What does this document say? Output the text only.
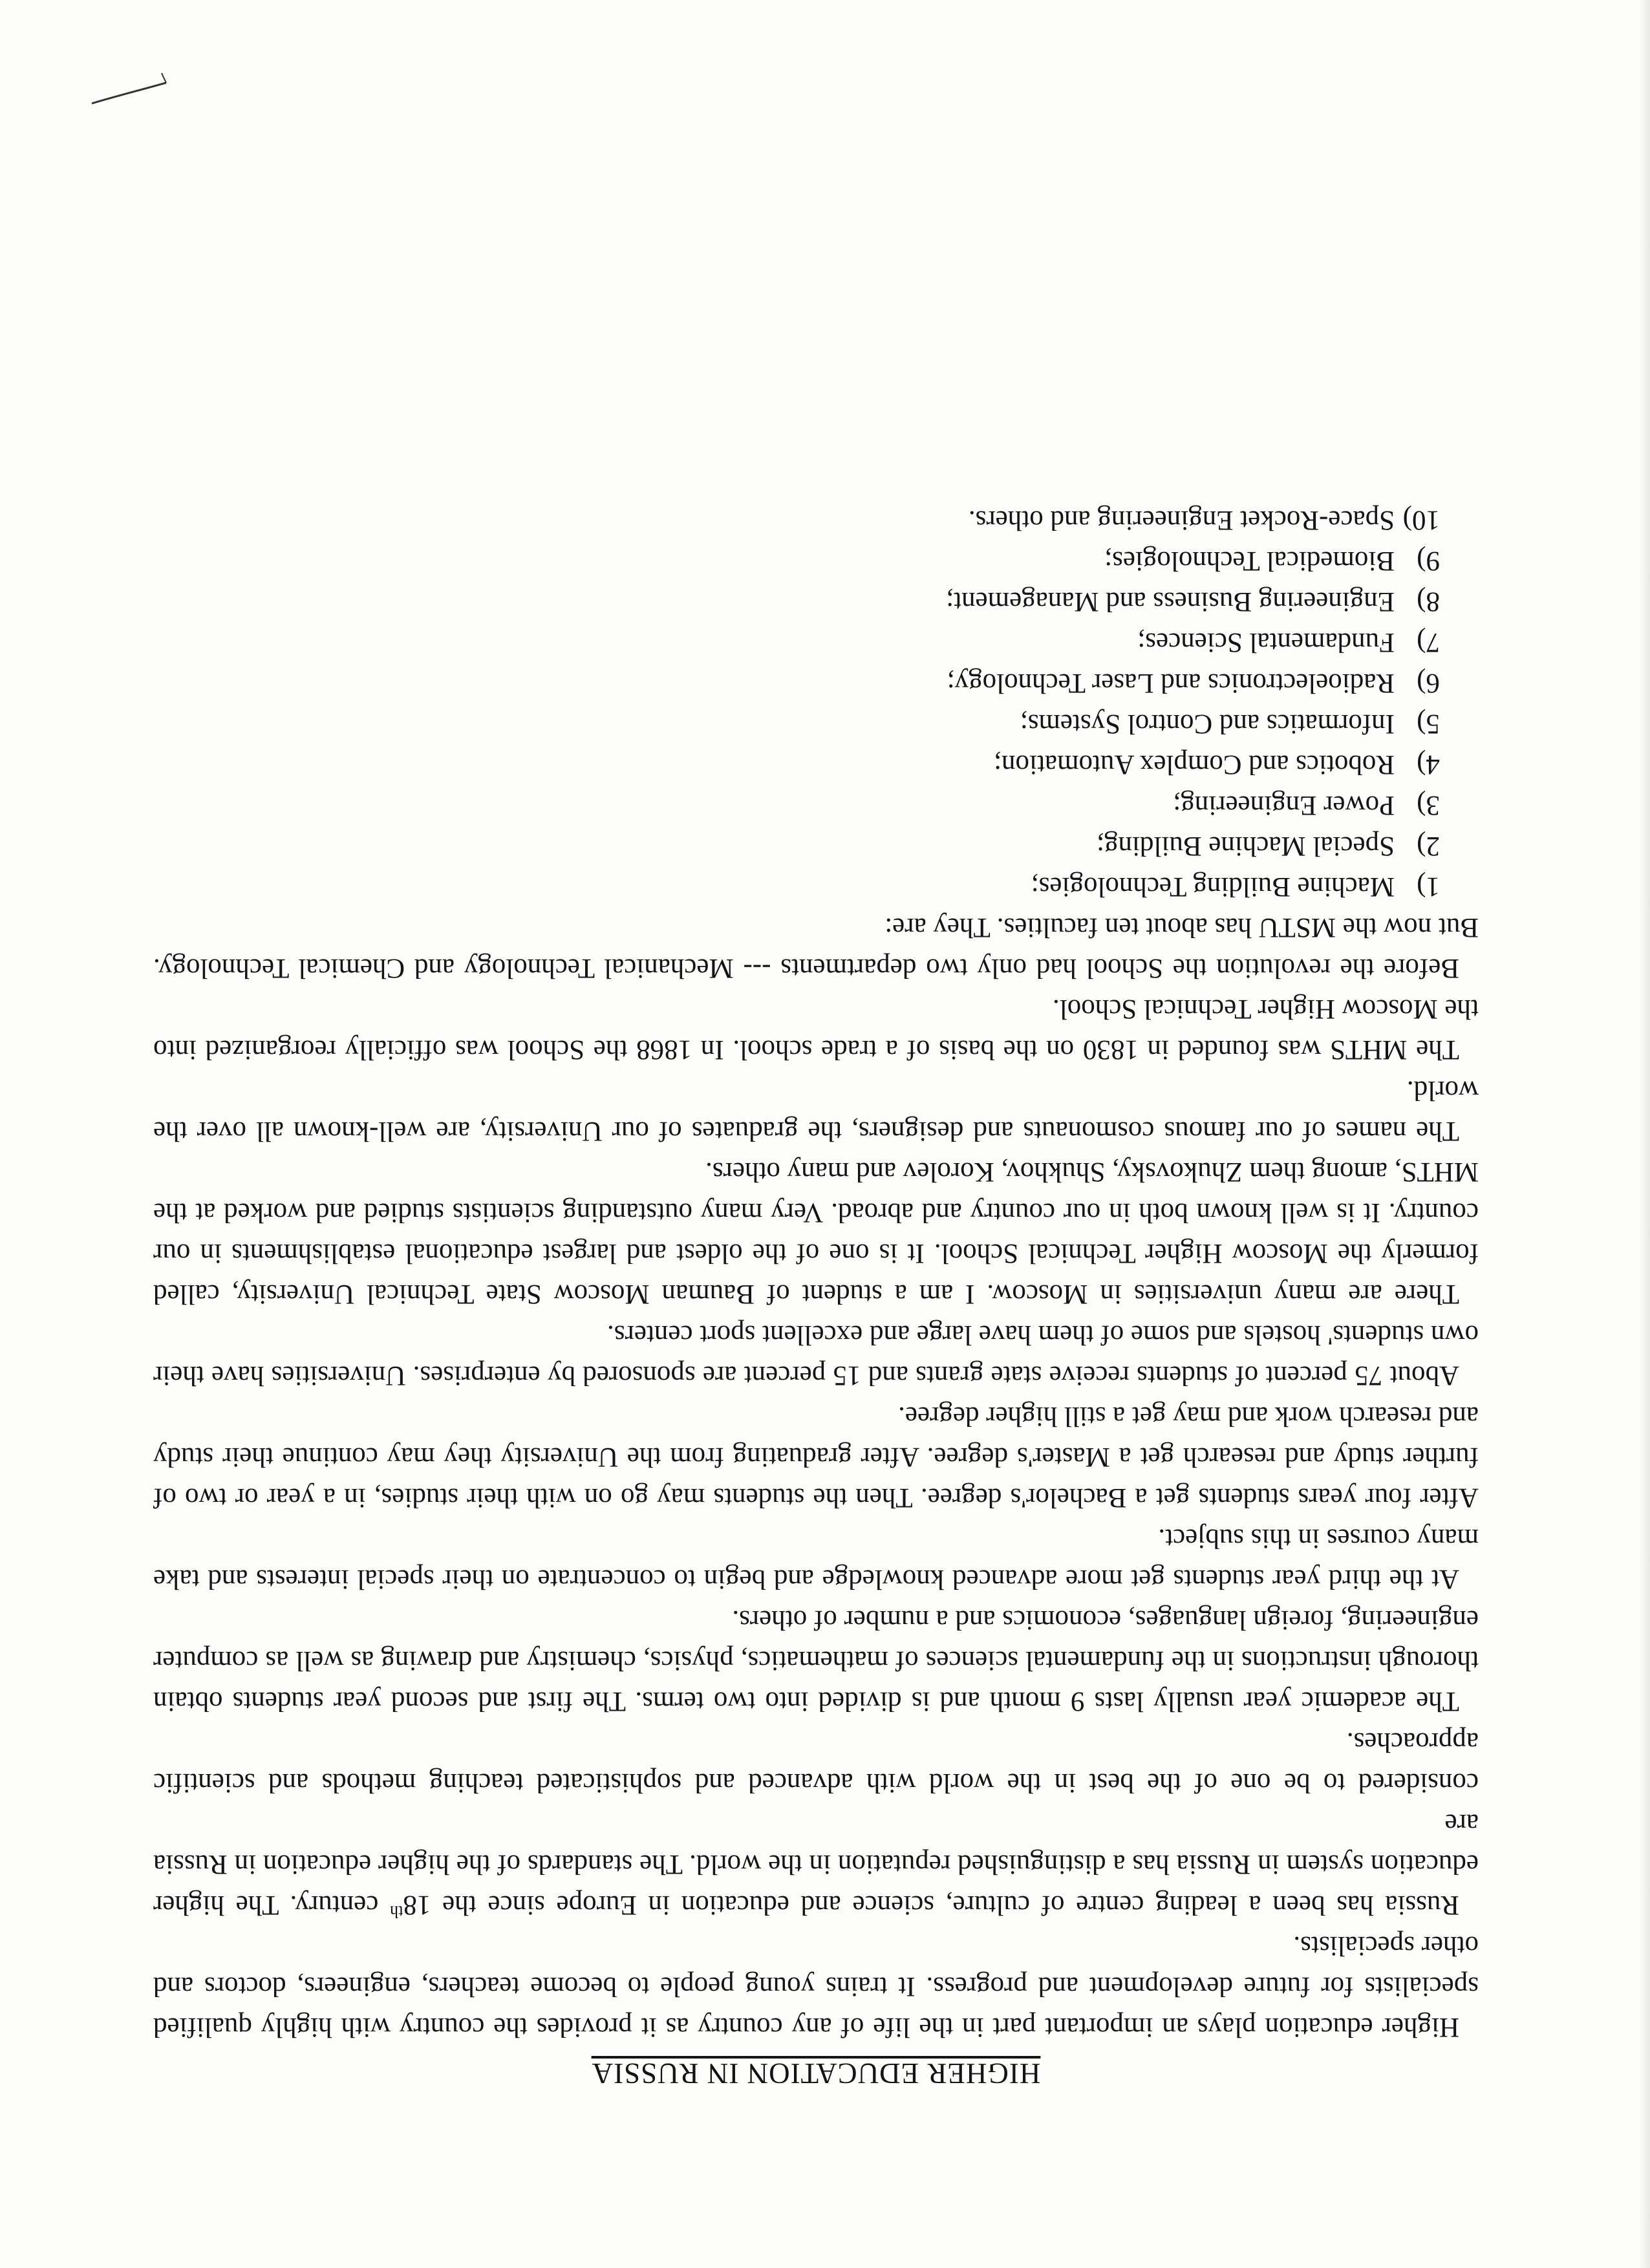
HIGHER EDUCATION IN RUSSIA

Higher education plays an important part in the life of any country as it provides the country with highly qualified specialists for future development and progress. It trains young people to become teachers, engineers, doctors and other specialists.

Russia has been a leading centre of culture, science and education in Europe since the 18th century. The higher education system in Russia has a distinguished reputation in the world. The standards of the higher education in Russia are

considered to be one of the best in the world with advanced and sophisticated teaching methods and scientific approaches.

The academic year usually lasts 9 month and is divided into two terms. The first and second year students obtain thorough instructions in the fundamental sciences of mathematics, physics, chemistry and drawing as well as computer engineering, foreign languages, economics and a number of others.

At the third year students get more advanced knowledge and begin to concentrate on their special interests and take many courses in this subject.

After four years students get a Bachelor's degree. Then the students may go on with their studies, in a year or two of further study and research get a Master's degree. After graduating from the University they may continue their study and research work and may get a still higher degree.

About 75 percent of students receive state grants and 15 percent are sponsored by enterprises. Universities have their own students' hostels and some of them have large and excellent sport centers.

There are many universities in Moscow. I am a student of Bauman Moscow State Technical University, called formerly the Moscow Higher Technical School. It is one of the oldest and largest educational establishments in our country. It is well known both in our country and abroad. Very many outstanding scientists studied and worked at the MHTS, among them Zhukovsky, Shukhov, Korolev and many others.

The names of our famous cosmonauts and designers, the graduates of our University, are well-known all over the world.

The MHTS was founded in 1830 on the basis of a trade school. In 1868 the School was officially reorganized into the Moscow Higher Technical School.

Before the revolution the School had only two departments --- Mechanical Technology and Chemical Technology. But now the MSTU has about ten faculties. They are:

1)Machine Building Technologies;
2)Special Machine Building;
3)Power Engineering;
4)Robotics and Complex Automation;
5)Informatics and Control Systems;
6)Radioelectronics and Laser Technology;
7)Fundamental Sciences;
8)Engineering Business and Management;
9)Biomedical Technologies;
10)Space-Rocket Engineering and others.
